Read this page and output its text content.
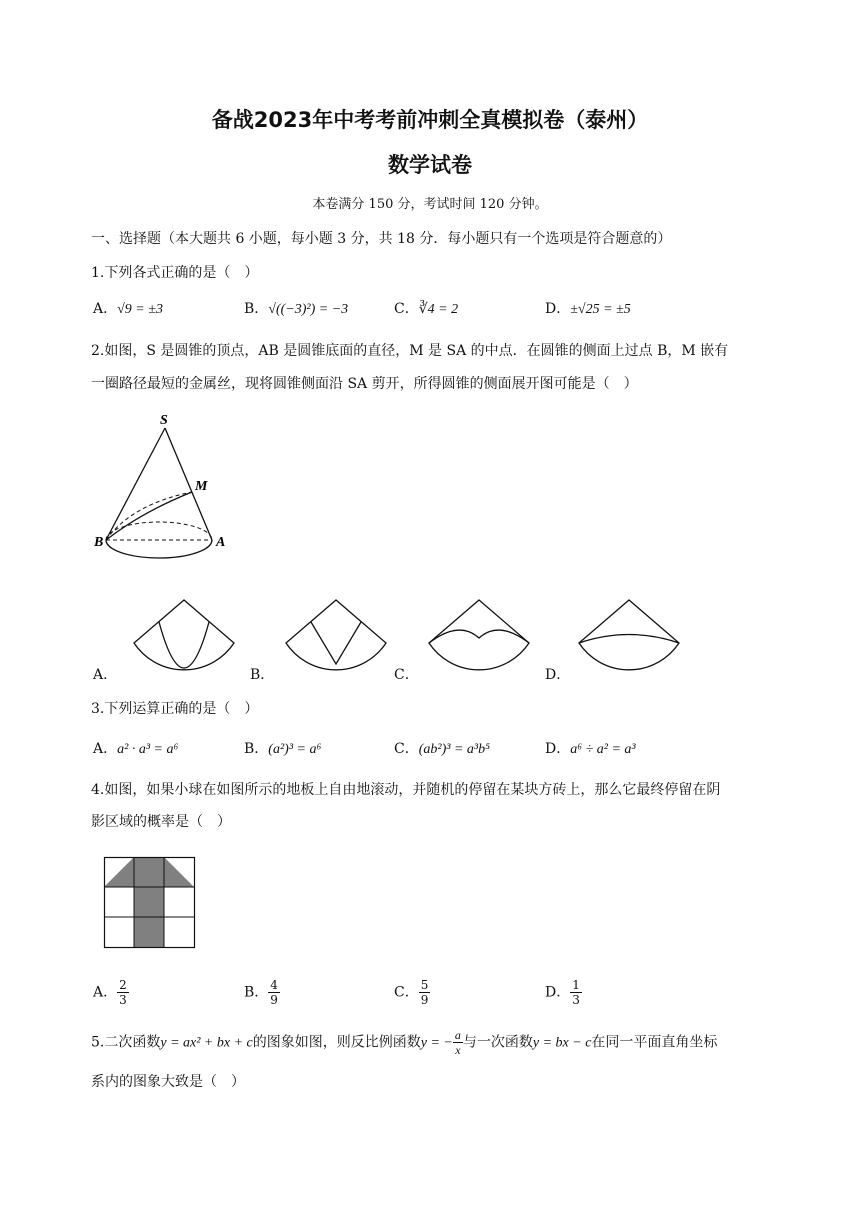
备战2023年中考考前冲刺全真模拟卷（泰州）
数学试卷
本卷满分 150 分，考试时间 120 分钟。
一、选择题（本大题共 6 小题，每小题 3 分，共 18 分．每小题只有一个选项是符合题意的）
1.下列各式正确的是（　）
A．√9 = ±3	B．√((−3)²) = −3	C．∛4 = 2	D．±√25 = ±5
2.如图，S 是圆锥的顶点，AB 是圆锥底面的直径，M 是 SA 的中点．在圆锥的侧面上过点 B，M 嵌有
一圈路径最短的金属丝，现将圆锥侧面沿 SA 剪开，所得圆锥的侧面展开图可能是（　）
S
M
B	A
A．	B．	C．	D．
3.下列运算正确的是（　）
A．a² · a³ = a⁶	B．(a²)³ = a⁶	C．(ab²)³ = a³b⁵	D．a⁶ ÷ a² = a³
4.如图，如果小球在如图所示的地板上自由地滚动，并随机的停留在某块方砖上，那么它最终停留在阴
影区域的概率是（　）
A． $\frac{2}{3}$	B． $\frac{4}{9}$	C． $\frac{5}{9}$	D． $\frac{1}{3}$
5.二次函数y = ax² + bx + c的图象如图，则反比例函数y = − $\frac{a}{x}$ 与一次函数y = bx − c在同一平面直角坐标
系内的图象大致是（　）
